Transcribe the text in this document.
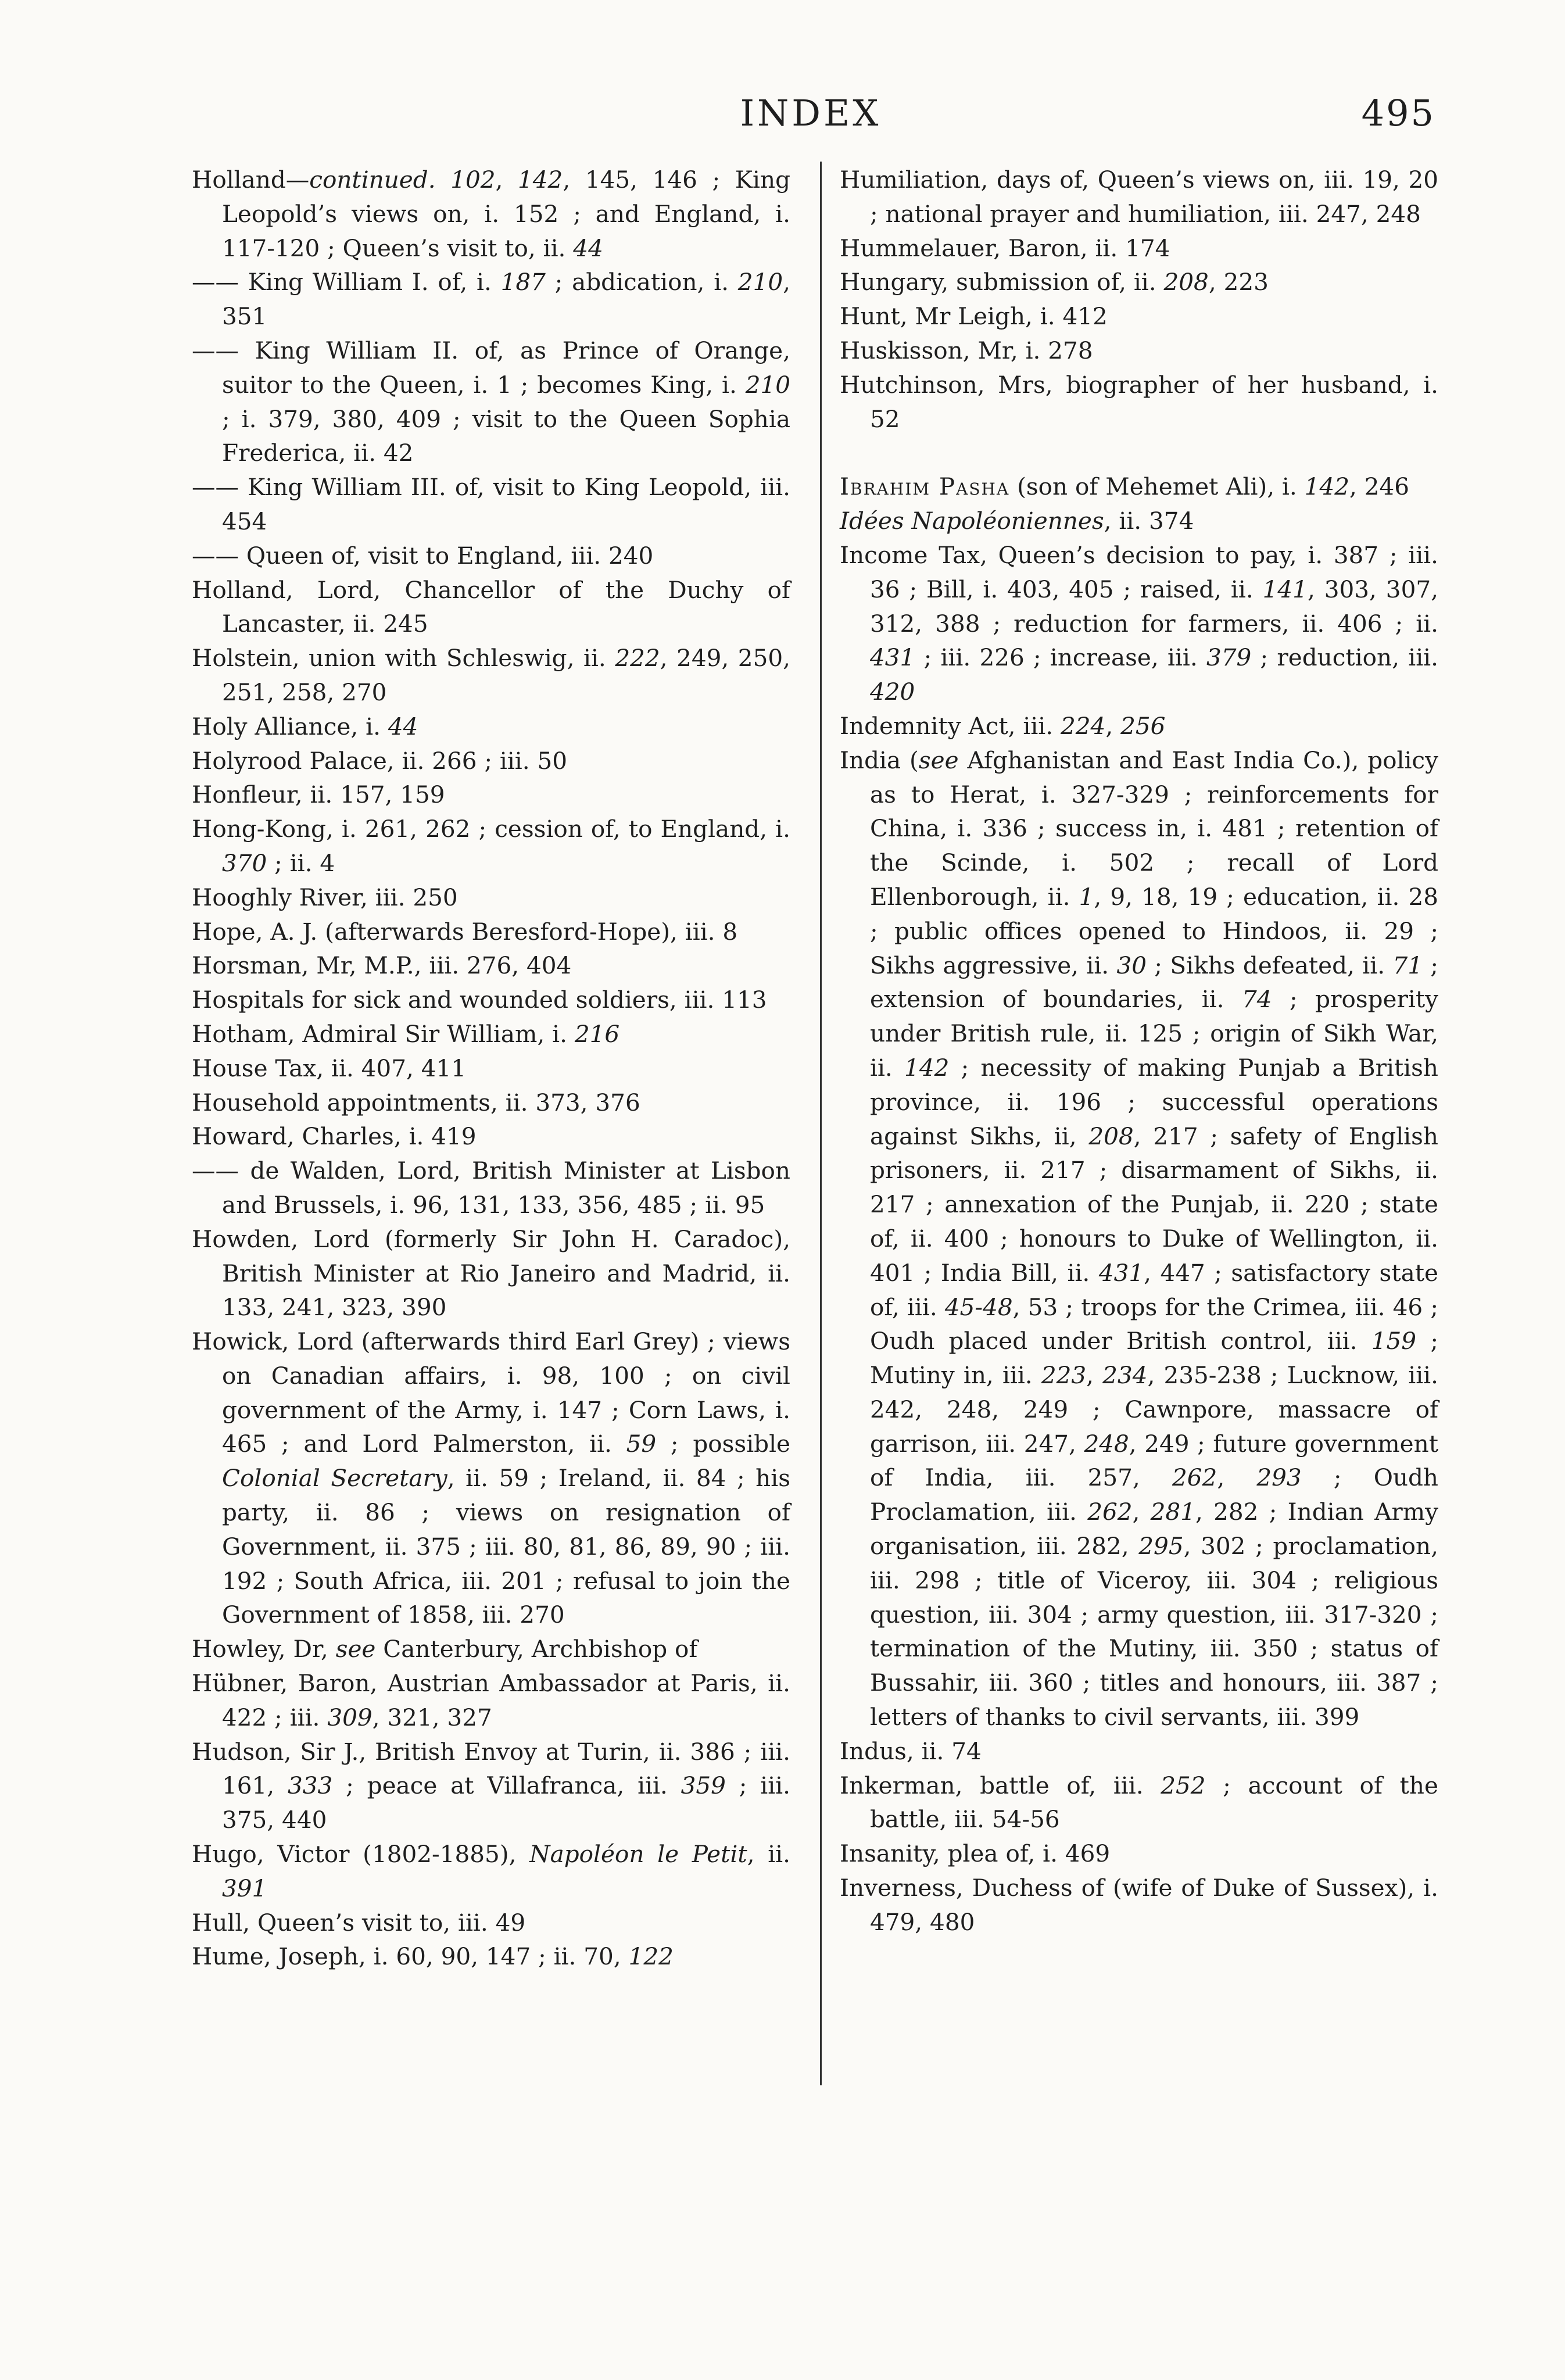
INDEX	495

Holland—continued. 102, 142, 145, 146 ; King Leopold’s views on, i. 152 ; and England, i. 117-120 ; Queen’s visit to, ii. 44

—— King William I. of, i. 187 ; abdication, i. 210, 351

—— King William II. of, as Prince of Orange, suitor to the Queen, i. 1 ; becomes King, i. 210 ; i. 379, 380, 409 ; visit to the Queen Sophia Frederica, ii. 42

—— King William III. of, visit to King Leopold, iii. 454

—— Queen of, visit to England, iii. 240

Holland, Lord, Chancellor of the Duchy of Lancaster, ii. 245

Holstein, union with Schleswig, ii. 222, 249, 250, 251, 258, 270

Holy Alliance, i. 44

Holyrood Palace, ii. 266 ; iii. 50

Honfleur, ii. 157, 159

Hong-Kong, i. 261, 262 ; cession of, to England, i. 370 ; ii. 4

Hooghly River, iii. 250

Hope, A. J. (afterwards Beresford-Hope), iii. 8

Horsman, Mr, M.P., iii. 276, 404

Hospitals for sick and wounded soldiers, iii. 113

Hotham, Admiral Sir William, i. 216

House Tax, ii. 407, 411

Household appointments, ii. 373, 376

Howard, Charles, i. 419

—— de Walden, Lord, British Minister at Lisbon and Brussels, i. 96, 131, 133, 356, 485 ; ii. 95

Howden, Lord (formerly Sir John H. Caradoc), British Minister at Rio Janeiro and Madrid, ii. 133, 241, 323, 390

Howick, Lord (afterwards third Earl Grey) ; views on Canadian affairs, i. 98, 100 ; on civil government of the Army, i. 147 ; Corn Laws, i. 465 ; and Lord Palmerston, ii. 59 ; possible Colonial Secretary, ii. 59 ; Ireland, ii. 84 ; his party, ii. 86 ; views on resignation of Government, ii. 375 ; iii. 80, 81, 86, 89, 90 ; iii. 192 ; South Africa, iii. 201 ; refusal to join the Government of 1858, iii. 270

Howley, Dr, see Canterbury, Archbishop of

Hübner, Baron, Austrian Ambassador at Paris, ii. 422 ; iii. 309, 321, 327

Hudson, Sir J., British Envoy at Turin, ii. 386 ; iii. 161, 333 ; peace at Villafranca, iii. 359 ; iii. 375, 440

Hugo, Victor (1802-1885), Napoléon le Petit, ii. 391

Hull, Queen’s visit to, iii. 49

Hume, Joseph, i. 60, 90, 147 ; ii. 70, 122

Humiliation, days of, Queen’s views on, iii. 19, 20 ; national prayer and humiliation, iii. 247, 248

Hummelauer, Baron, ii. 174

Hungary, submission of, ii. 208, 223

Hunt, Mr Leigh, i. 412

Huskisson, Mr, i. 278

Hutchinson, Mrs, biographer of her husband, i. 52

Ibrahim Pasha (son of Mehemet Ali), i. 142, 246

Idées Napoléoniennes, ii. 374

Income Tax, Queen’s decision to pay, i. 387 ; iii. 36 ; Bill, i. 403, 405 ; raised, ii. 141, 303, 307, 312, 388 ; reduction for farmers, ii. 406 ; ii. 431 ; iii. 226 ; increase, iii. 379 ; reduction, iii. 420

Indemnity Act, iii. 224, 256

India (see Afghanistan and East India Co.), policy as to Herat, i. 327-329 ; reinforcements for China, i. 336 ; success in, i. 481 ; retention of the Scinde, i. 502 ; recall of Lord Ellenborough, ii. 1, 9, 18, 19 ; education, ii. 28 ; public offices opened to Hindoos, ii. 29 ; Sikhs aggressive, ii. 30 ; Sikhs defeated, ii. 71 ; extension of boundaries, ii. 74 ; prosperity under British rule, ii. 125 ; origin of Sikh War, ii. 142 ; necessity of making Punjab a British province, ii. 196 ; successful operations against Sikhs, ii, 208, 217 ; safety of English prisoners, ii. 217 ; disarmament of Sikhs, ii. 217 ; annexation of the Punjab, ii. 220 ; state of, ii. 400 ; honours to Duke of Wellington, ii. 401 ; India Bill, ii. 431, 447 ; satisfactory state of, iii. 45-48, 53 ; troops for the Crimea, iii. 46 ; Oudh placed under British control, iii. 159 ; Mutiny in, iii. 223, 234, 235-238 ; Lucknow, iii. 242, 248, 249 ; Cawnpore, massacre of garrison, iii. 247, 248, 249 ; future government of India, iii. 257, 262, 293 ; Oudh Proclamation, iii. 262, 281, 282 ; Indian Army organisation, iii. 282, 295, 302 ; proclamation, iii. 298 ; title of Viceroy, iii. 304 ; religious question, iii. 304 ; army question, iii. 317-320 ; termination of the Mutiny, iii. 350 ; status of Bussahir, iii. 360 ; titles and honours, iii. 387 ; letters of thanks to civil servants, iii. 399

Indus, ii. 74

Inkerman, battle of, iii. 252 ; account of the battle, iii. 54-56

Insanity, plea of, i. 469

Inverness, Duchess of (wife of Duke of Sussex), i. 479, 480
